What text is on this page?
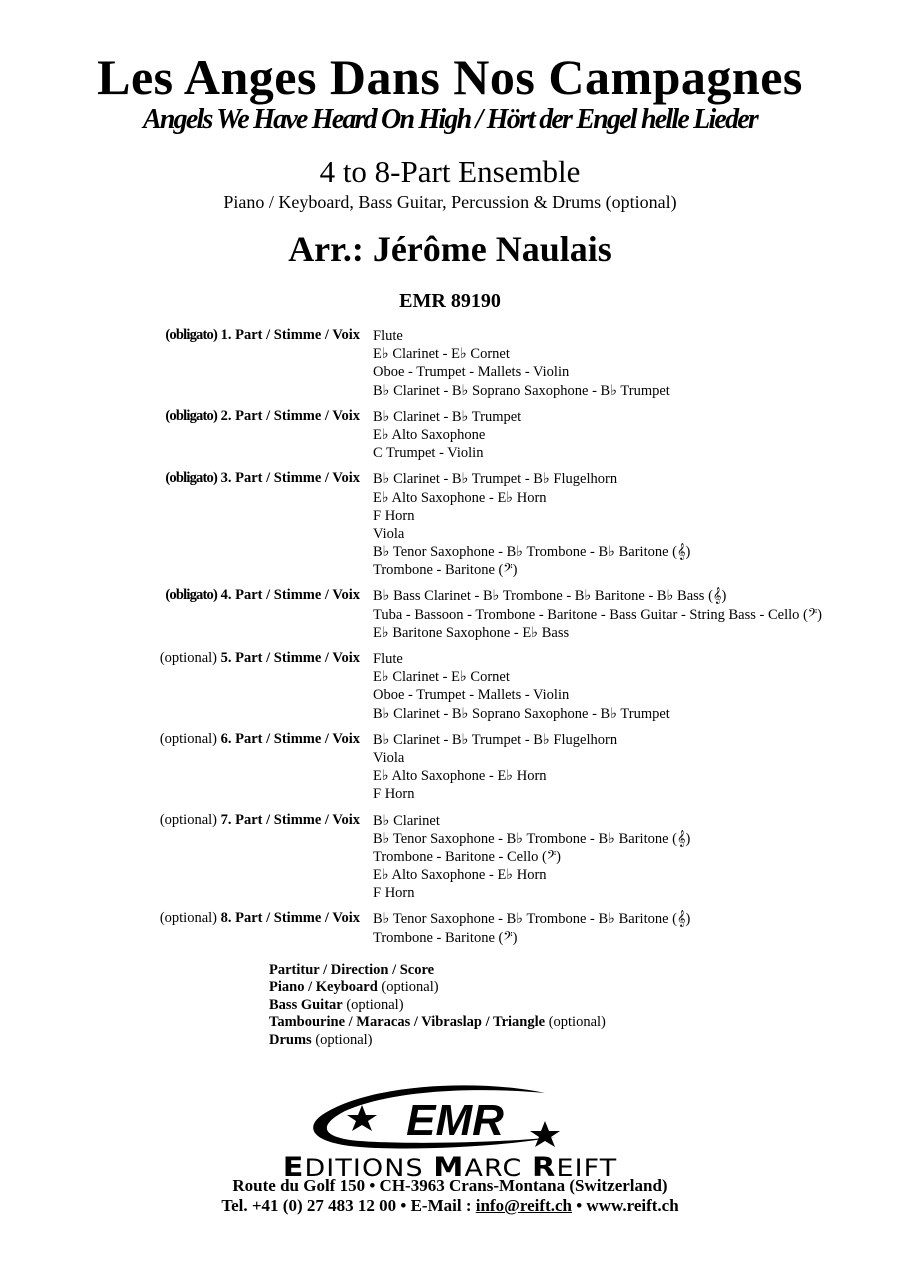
Les Anges Dans Nos Campagnes
Angels We Have Heard On High / Hört der Engel helle Lieder
4 to 8-Part Ensemble
Piano / Keyboard, Bass Guitar, Percussion & Drums (optional)
Arr.: Jérôme Naulais
EMR 89190
(obligato) 1. Part / Stimme / Voix Flute
E♭ Clarinet - E♭ Cornet
Oboe - Trumpet - Mallets - Violin
B♭ Clarinet - B♭ Soprano Saxophone - B♭ Trumpet
(obligato) 2. Part / Stimme / Voix B♭ Clarinet - B♭ Trumpet
E♭ Alto Saxophone
C Trumpet - Violin
(obligato) 3. Part / Stimme / Voix B♭ Clarinet - B♭ Trumpet - B♭ Flugelhorn
E♭ Alto Saxophone - E♭ Horn
F Horn
Viola
B♭ Tenor Saxophone - B♭ Trombone - B♭ Baritone (𝄞)
Trombone - Baritone (𝄢)
(obligato) 4. Part / Stimme / Voix B♭ Bass Clarinet - B♭ Trombone - B♭ Baritone - B♭ Bass (𝄞)
Tuba - Bassoon - Trombone - Baritone - Bass Guitar - String Bass - Cello (𝄢)
E♭ Baritone Saxophone - E♭ Bass
(optional) 5. Part / Stimme / Voix Flute
E♭ Clarinet - E♭ Cornet
Oboe - Trumpet - Mallets - Violin
B♭ Clarinet - B♭ Soprano Saxophone - B♭ Trumpet
(optional) 6. Part / Stimme / Voix B♭ Clarinet - B♭ Trumpet - B♭ Flugelhorn
Viola
E♭ Alto Saxophone - E♭ Horn
F Horn
(optional) 7. Part / Stimme / Voix B♭ Clarinet
B♭ Tenor Saxophone - B♭ Trombone - B♭ Baritone (𝄞)
Trombone - Baritone - Cello (𝄢)
E♭ Alto Saxophone - E♭ Horn
F Horn
(optional) 8. Part / Stimme / Voix B♭ Tenor Saxophone - B♭ Trombone - B♭ Baritone (𝄞)
Trombone - Baritone (𝄢)
Partitur / Direction / Score
Piano / Keyboard (optional)
Bass Guitar (optional)
Tambourine / Maracas / Vibraslap / Triangle (optional)
Drums (optional)
EMR
EDITIONS MARC REIFT
Route du Golf 150 • CH-3963 Crans-Montana (Switzerland)
Tel. +41 (0) 27 483 12 00 • E-Mail : info@reift.ch • www.reift.ch
